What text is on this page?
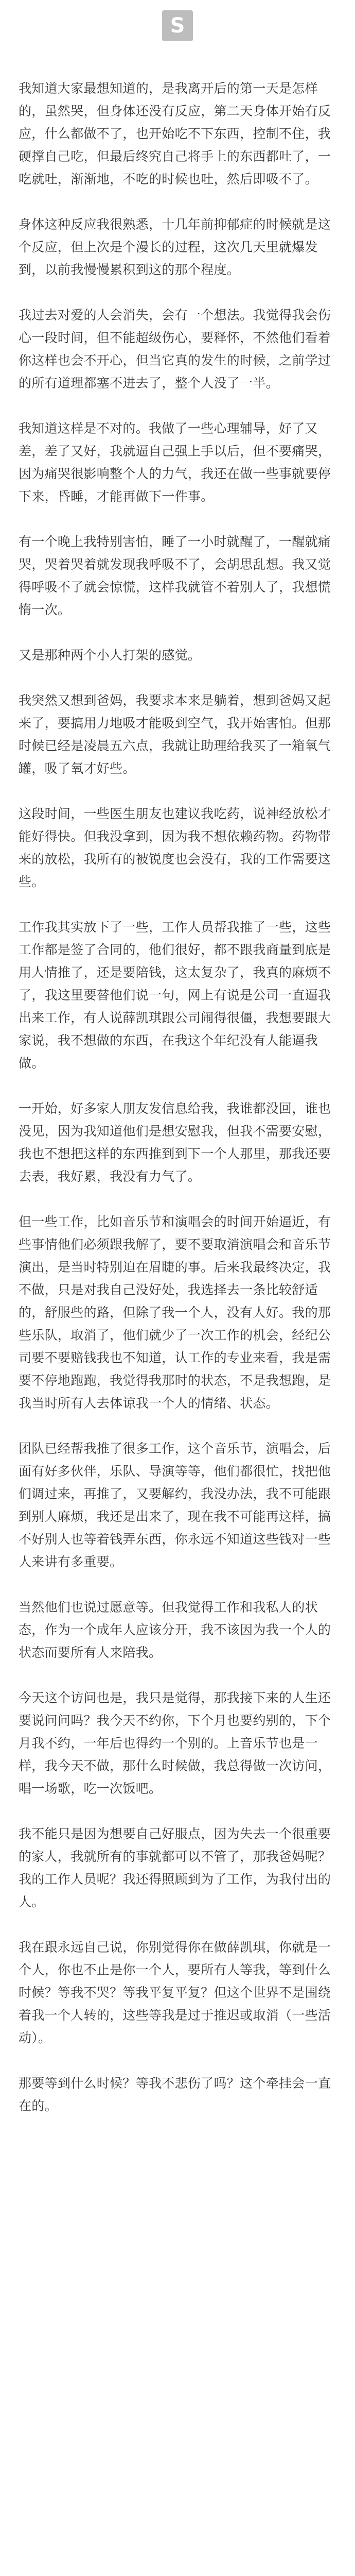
S

我知道大家最想知道的，是我离开后的第一天是怎样的，虽然哭，但身体还没有反应，第二天身体开始有反应，什么都做不了，也开始吃不下东西，控制不住，我硬撑自己吃，但最后终究自己将手上的东西都吐了，一吃就吐，渐渐地，不吃的时候也吐，然后即吸不了。

身体这种反应我很熟悉，十几年前抑郁症的时候就是这个反应，但上次是个漫长的过程，这次几天里就爆发到，以前我慢慢累积到这的那个程度。

我过去对爱的人会消失，会有一个想法。我觉得我会伤心一段时间，但不能超级伤心，要释怀，不然他们看着你这样也会不开心，但当它真的发生的时候，之前学过的所有道理都塞不进去了，整个人没了一半。

我知道这样是不对的。我做了一些心理辅导，好了又差，差了又好，我就逼自己强上手以后，但不要痛哭，因为痛哭很影响整个人的力气，我还在做一些事就要停下来，昏睡，才能再做下一件事。

有一个晚上我特别害怕，睡了一小时就醒了，一醒就痛哭，哭着哭着就发现我呼吸不了，会胡思乱想。我又觉得呼吸不了就会惊慌，这样我就管不着别人了，我想慌惰一次。

又是那种两个小人打架的感觉。

我突然又想到爸妈，我要求本来是躺着，想到爸妈又起来了，要搞用力地吸才能吸到空气，我开始害怕。但那时候已经是凌晨五六点，我就让助理给我买了一箱氧气罐，吸了氧才好些。

这段时间，一些医生朋友也建议我吃药，说神经放松才能好得快。但我没拿到，因为我不想依赖药物。药物带来的放松，我所有的被锐度也会没有，我的工作需要这些。

工作我其实放下了一些，工作人员帮我推了一些，这些工作都是签了合同的，他们很好，都不跟我商量到底是用人情推了，还是要陪钱，这太复杂了，我真的麻烦不了，我这里要替他们说一句，网上有说是公司一直逼我出来工作，有人说薛凯琪跟公司闹得很僵，我想要跟大家说，我不想做的东西，在我这个年纪没有人能逼我做。

一开始，好多家人朋友发信息给我，我谁都没回，谁也没见，因为我知道他们是想安慰我，但我不需要安慰，我也不想把这样的东西推到到下一个人那里，那我还要去表，我好累，我没有力气了。

但一些工作，比如音乐节和演唱会的时间开始逼近，有些事情他们必须跟我解了，要不要取消演唱会和音乐节演出，是当时特别迫在眉睫的事。后来我最终决定，我不做，只是对我自己没好处，我选择去一条比较舒适的，舒服些的路，但除了我一个人，没有人好。我的那些乐队，取消了，他们就少了一次工作的机会，经纪公司要不要赔钱我也不知道，认工作的专业来看，我是需要不停地跑跑，我觉得我那时的状态，不是我想跑，是我当时所有人去体谅我一个人的情绪、状态。

团队已经帮我推了很多工作，这个音乐节，演唱会，后面有好多伙伴，乐队、导演等等，他们都很忙，找把他们调过来，再推了，又要解约，我没办法，我不可能跟到别人麻烦，我还是出来了，现在我不可能再这样，搞不好别人也等着钱弄东西，你永远不知道这些钱对一些人来讲有多重要。

当然他们也说过愿意等。但我觉得工作和我私人的状态，作为一个成年人应该分开，我不该因为我一个人的状态而要所有人来陪我。

今天这个访问也是，我只是觉得，那我接下来的人生还要说问问吗？我今天不约你，下个月也要约别的，下个月我不约，一年后也得约一个别的。上音乐节也是一样，我今天不做，那什么时候做，我总得做一次访问，唱一场歌，吃一次饭吧。

我不能只是因为想要自己好服点，因为失去一个很重要的家人，我就所有的事就都可以不管了，那我爸妈呢？我的工作人员呢？我还得照顾到为了工作，为我付出的人。

我在跟永远自己说，你别觉得你在做薛凯琪，你就是一个人，你也不止是你一个人，要所有人等我，等到什么时候？等我不哭？等我平复平复？但这个世界不是围绕着我一个人转的，这些等我是过于推迟或取消（一些活动）。

那要等到什么时候？等我不悲伤了吗？这个牵挂会一直在的。
